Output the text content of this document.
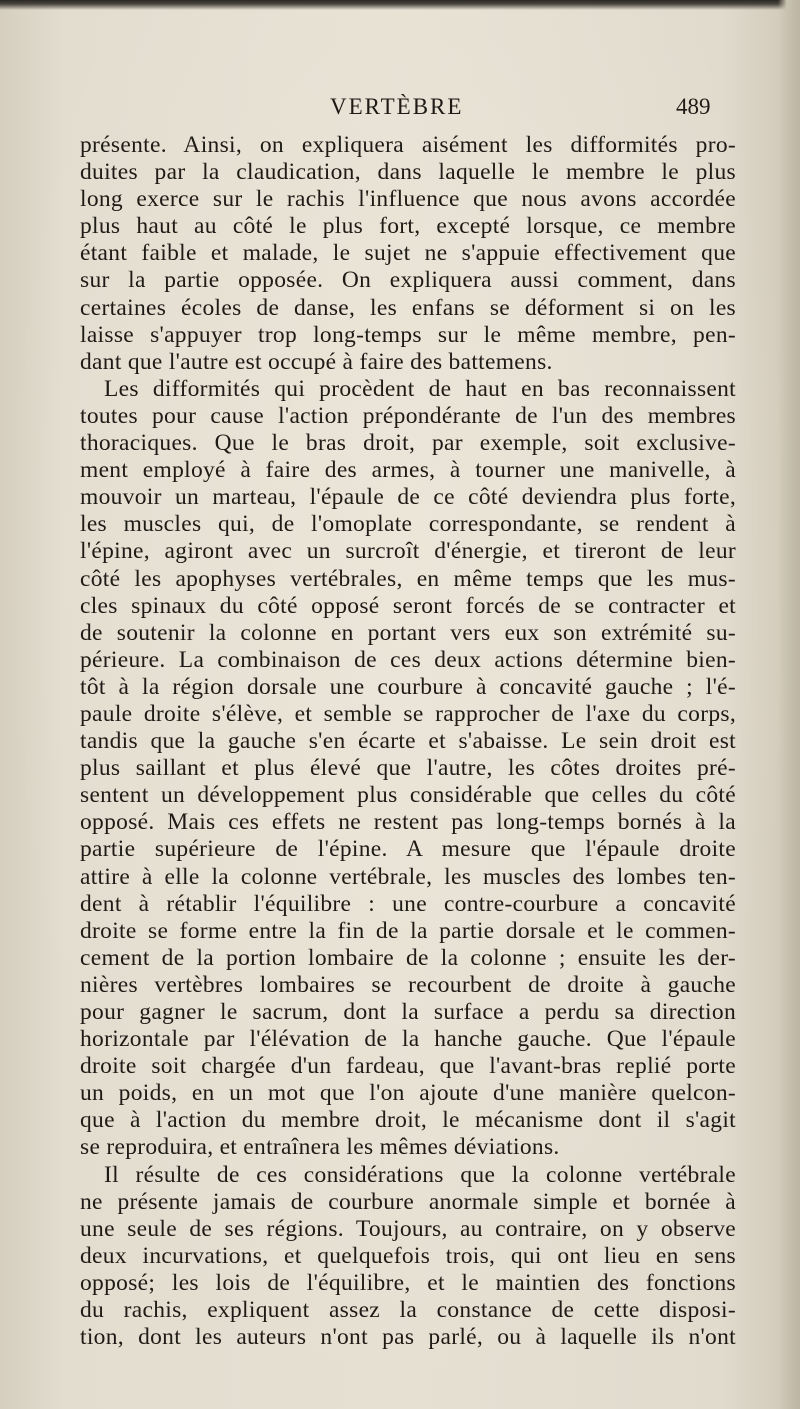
VERTÈBRE	489
présente. Ainsi, on expliquera aisément les difformités pro-
duites par la claudication, dans laquelle le membre le plus
long exerce sur le rachis l'influence que nous avons accordée
plus haut au côté le plus fort, excepté lorsque, ce membre
étant faible et malade, le sujet ne s'appuie effectivement que
sur la partie opposée. On expliquera aussi comment, dans
certaines écoles de danse, les enfans se déforment si on les
laisse s'appuyer trop long-temps sur le même membre, pen-
dant que l'autre est occupé à faire des battemens.
Les difformités qui procèdent de haut en bas reconnaissent
toutes pour cause l'action prépondérante de l'un des membres
thoraciques. Que le bras droit, par exemple, soit exclusive-
ment employé à faire des armes, à tourner une manivelle, à
mouvoir un marteau, l'épaule de ce côté deviendra plus forte,
les muscles qui, de l'omoplate correspondante, se rendent à
l'épine, agiront avec un surcroît d'énergie, et tireront de leur
côté les apophyses vertébrales, en même temps que les mus-
cles spinaux du côté opposé seront forcés de se contracter et
de soutenir la colonne en portant vers eux son extrémité su-
périeure. La combinaison de ces deux actions détermine bien-
tôt à la région dorsale une courbure à concavité gauche ; l'é-
paule droite s'élève, et semble se rapprocher de l'axe du corps,
tandis que la gauche s'en écarte et s'abaisse. Le sein droit est
plus saillant et plus élevé que l'autre, les côtes droites pré-
sentent un développement plus considérable que celles du côté
opposé. Mais ces effets ne restent pas long-temps bornés à la
partie supérieure de l'épine. A mesure que l'épaule droite
attire à elle la colonne vertébrale, les muscles des lombes ten-
dent à rétablir l'équilibre : une contre-courbure a concavité
droite se forme entre la fin de la partie dorsale et le commen-
cement de la portion lombaire de la colonne ; ensuite les der-
nières vertèbres lombaires se recourbent de droite à gauche
pour gagner le sacrum, dont la surface a perdu sa direction
horizontale par l'élévation de la hanche gauche. Que l'épaule
droite soit chargée d'un fardeau, que l'avant-bras replié porte
un poids, en un mot que l'on ajoute d'une manière quelcon-
que à l'action du membre droit, le mécanisme dont il s'agit
se reproduira, et entraînera les mêmes déviations.
Il résulte de ces considérations que la colonne vertébrale
ne présente jamais de courbure anormale simple et bornée à
une seule de ses régions. Toujours, au contraire, on y observe
deux incurvations, et quelquefois trois, qui ont lieu en sens
opposé; les lois de l'équilibre, et le maintien des fonctions
du rachis, expliquent assez la constance de cette disposi-
tion, dont les auteurs n'ont pas parlé, ou à laquelle ils n'ont
